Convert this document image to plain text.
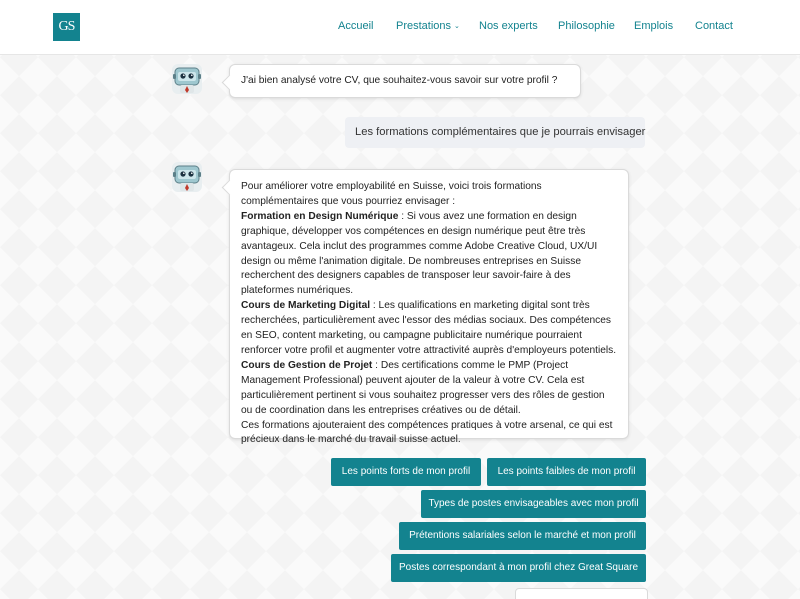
GS	Accueil Prestations ⌄ Nos experts Philosophie Emplois Contact
J'ai bien analysé votre CV, que souhaitez-vous savoir sur votre profil ?
Les formations complémentaires que je pourrais envisager
Pour améliorer votre employabilité en Suisse, voici trois formations complémentaires que vous pourriez envisager :
Formation en Design Numérique : Si vous avez une formation en design graphique, développer vos compétences en design numérique peut être très avantageux. Cela inclut des programmes comme Adobe Creative Cloud, UX/UI design ou même l'animation digitale. De nombreuses entreprises en Suisse recherchent des designers capables de transposer leur savoir-faire à des plateformes numériques.
Cours de Marketing Digital : Les qualifications en marketing digital sont très recherchées, particulièrement avec l'essor des médias sociaux. Des compétences en SEO, content marketing, ou campagne publicitaire numérique pourraient renforcer votre profil et augmenter votre attractivité auprès d'employeurs potentiels.
Cours de Gestion de Projet : Des certifications comme le PMP (Project Management Professional) peuvent ajouter de la valeur à votre CV. Cela est particulièrement pertinent si vous souhaitez progresser vers des rôles de gestion ou de coordination dans les entreprises créatives ou de détail.
Ces formations ajouteraient des compétences pratiques à votre arsenal, ce qui est précieux dans le marché du travail suisse actuel.
Les points forts de mon profil	Les points faibles de mon profil
Types de postes envisageables avec mon profil
Prétentions salariales selon le marché et mon profil
Postes correspondant à mon profil chez Great Square
